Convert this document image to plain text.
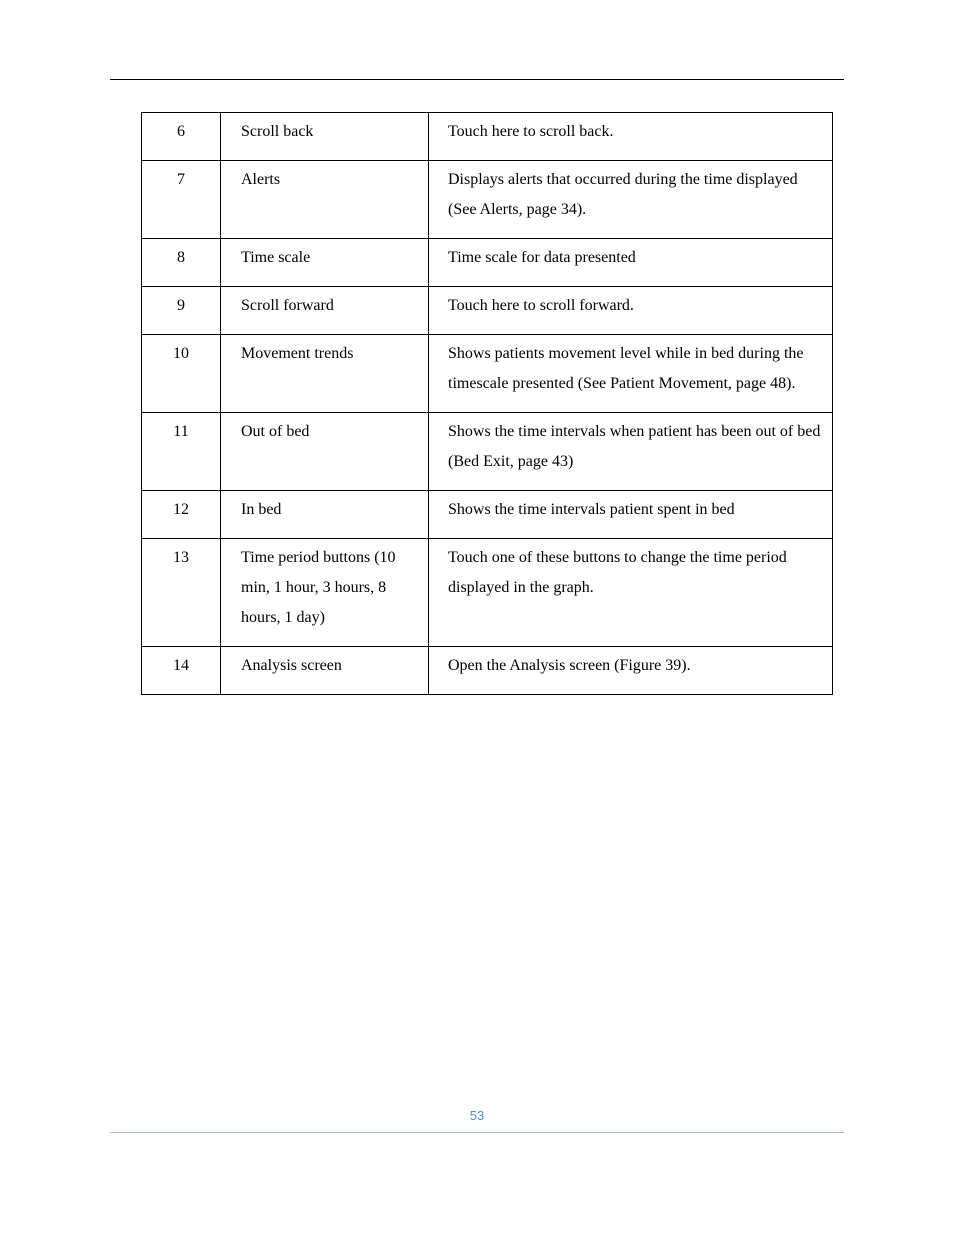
6	Scroll back	Touch here to scroll back.
7	Alerts	Displays alerts that occurred during the time displayed (See Alerts, page 34).
8	Time scale	Time scale for data presented
9	Scroll forward	Touch here to scroll forward.
10	Movement trends	Shows patients movement level while in bed during the timescale presented (See Patient Movement, page 48).
11	Out of bed	Shows the time intervals when patient has been out of bed (Bed Exit, page 43)
12	In bed	Shows the time intervals patient spent in bed
13	Time period buttons (10 min, 1 hour, 3 hours, 8 hours, 1 day)	Touch one of these buttons to change the time period displayed in the graph.
14	Analysis screen	Open the Analysis screen (Figure 39).
53
